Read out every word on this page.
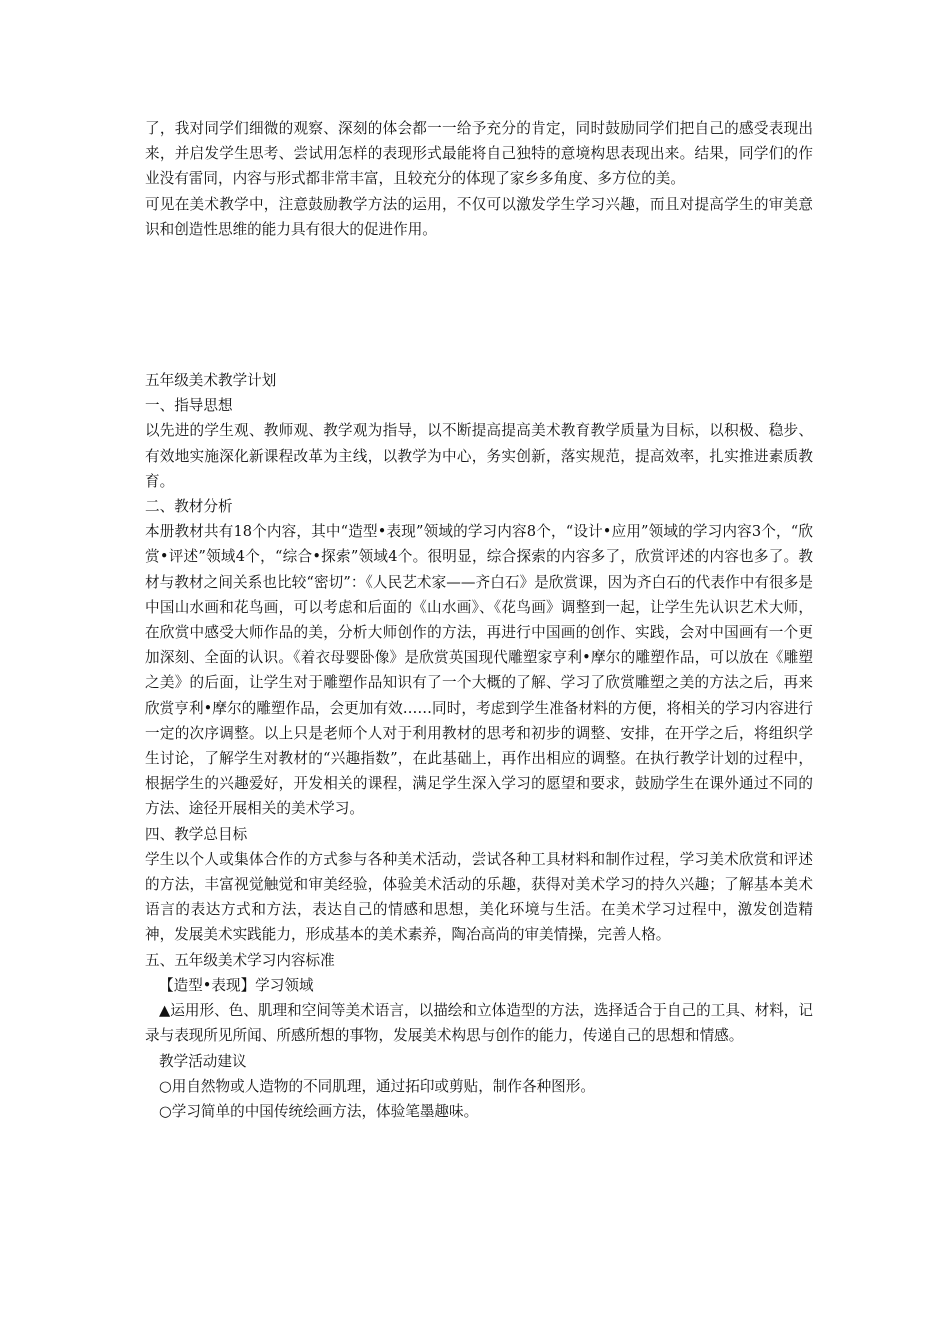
了，我对同学们细微的观察、深刻的体会都一一给予充分的肯定，同时鼓励同学们把自己的感受表现出来，并启发学生思考、尝试用怎样的表现形式最能将自己独特的意境构思表现出来。结果，同学们的作业没有雷同，内容与形式都非常丰富，且较充分的体现了家乡多角度、多方位的美。

可见在美术教学中，注意鼓励教学方法的运用，不仅可以激发学生学习兴趣，而且对提高学生的审美意识和创造性思维的能力具有很大的促进作用。

五年级美术教学计划

一、指导思想

以先进的学生观、教师观、教学观为指导，以不断提高提高美术教育教学质量为目标，以积极、稳步、有效地实施深化新课程改革为主线，以教学为中心，务实创新，落实规范，提高效率，扎实推进素质教育。

二、教材分析

本册教材共有18个内容，其中“造型•表现”领域的学习内容8个，“设计•应用”领域的学习内容3个，“欣赏•评述”领域4个，“综合•探索”领域4个。很明显，综合探索的内容多了，欣赏评述的内容也多了。教材与教材之间关系也比较“密切”：《人民艺术家——齐白石》是欣赏课，因为齐白石的代表作中有很多是中国山水画和花鸟画，可以考虑和后面的《山水画》、《花鸟画》调整到一起，让学生先认识艺术大师，在欣赏中感受大师作品的美，分析大师创作的方法，再进行中国画的创作、实践，会对中国画有一个更加深刻、全面的认识。《着衣母婴卧像》是欣赏英国现代雕塑家亨利•摩尔的雕塑作品，可以放在《雕塑之美》的后面，让学生对于雕塑作品知识有了一个大概的了解、学习了欣赏雕塑之美的方法之后，再来欣赏亨利•摩尔的雕塑作品，会更加有效……同时，考虑到学生准备材料的方便，将相关的学习内容进行一定的次序调整。以上只是老师个人对于利用教材的思考和初步的调整、安排，在开学之后，将组织学生讨论，了解学生对教材的“兴趣指数”，在此基础上，再作出相应的调整。在执行教学计划的过程中，根据学生的兴趣爱好，开发相关的课程，满足学生深入学习的愿望和要求，鼓励学生在课外通过不同的方法、途径开展相关的美术学习。

四、教学总目标

学生以个人或集体合作的方式参与各种美术活动，尝试各种工具材料和制作过程，学习美术欣赏和评述的方法，丰富视觉触觉和审美经验，体验美术活动的乐趣，获得对美术学习的持久兴趣；了解基本美术语言的表达方式和方法，表达自己的情感和思想，美化环境与生活。在美术学习过程中，激发创造精神，发展美术实践能力，形成基本的美术素养，陶冶高尚的审美情操，完善人格。

五、五年级美术学习内容标准

【造型•表现】学习领域

▲运用形、色、肌理和空间等美术语言，以描绘和立体造型的方法，选择适合于自己的工具、材料，记录与表现所见所闻、所感所想的事物，发展美术构思与创作的能力，传递自己的思想和情感。

教学活动建议

○用自然物或人造物的不同肌理，通过拓印或剪贴，制作各种图形。

○学习简单的中国传统绘画方法，体验笔墨趣味。
